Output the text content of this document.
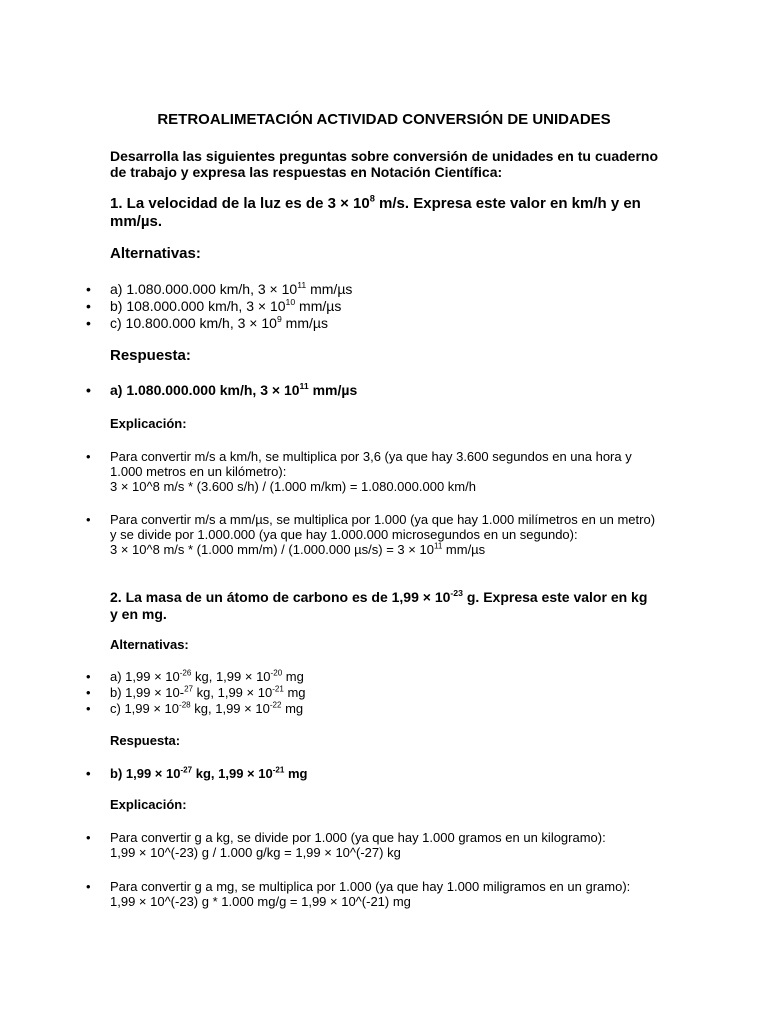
RETROALIMETACIÓN ACTIVIDAD CONVERSIÓN DE UNIDADES

Desarrolla las siguientes preguntas sobre conversión de unidades en tu cuaderno de trabajo y expresa las respuestas en Notación Científica:

1. La velocidad de la luz es de $3 \times 10^8$ m/s. Expresa este valor en km/h y en mm/µs.

Alternativas:

• a) 1.080.000.000 km/h, $3 \times 10^{11}$ mm/µs
• b) 108.000.000 km/h, $3 \times 10^{10}$ mm/µs
• c) 10.800.000 km/h, $3 \times 10^9$ mm/µs

Respuesta:

• a) 1.080.000.000 km/h, $3 \times 10^{11}$ mm/µs

Explicación:

• Para convertir m/s a km/h, se multiplica por 3,6 (ya que hay 3.600 segundos en una hora y 1.000 metros en un kilómetro):
3 × 10^8 m/s * (3.600 s/h) / (1.000 m/km) = 1.080.000.000 km/h
• Para convertir m/s a mm/µs, se multiplica por 1.000 (ya que hay 1.000 milímetros en un metro) y se divide por 1.000.000 (ya que hay 1.000.000 microsegundos en un segundo):
3 × 10^8 m/s * (1.000 mm/m) / (1.000.000 $\mu s/s) = 3 \times 10^{11}$ mm/µs

2. La masa de un átomo de carbono es de $1,99 \times 10^{-23}$ g. Expresa este valor en kg y en mg.

Alternativas:

• a) $1,99 \times 10^{-26}$ kg, $1,99 \times 10^{-20}$ mg
• b) 1,99 × 10-$^{27}$ kg, $1,99 \times 10^{-21}$ mg
• c) $1,99 \times 10^{-28}$ kg, $1,99 \times 10^{-22}$ mg

Respuesta:

• b) $1,99 \times 10^{-27}$ kg, $1,99 \times 10^{-21}$ mg

Explicación:

• Para convertir g a kg, se divide por 1.000 (ya que hay 1.000 gramos en un kilogramo):
1,99 × 10^(-23) g / 1.000 g/kg = 1,99 × 10^(-27) kg
• Para convertir g a mg, se multiplica por 1.000 (ya que hay 1.000 miligramos en un gramo):
1,99 × 10^(-23) g * 1.000 mg/g = 1,99 × 10^(-21) mg
